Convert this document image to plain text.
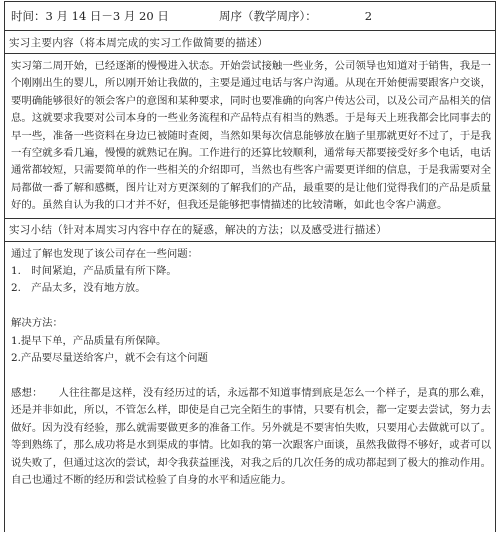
时间：3 月 14 日－3 月 20 日	周序（教学周序）：	2
实习主要内容（将本周完成的实习工作做简要的描述）
实习第二周开始，已经逐渐的慢慢进入状态。开始尝试接触一些业务，公司领导也知道对于销售，我是一个刚刚出生的婴儿，所以刚开始让我做的，主要是通过电话与客户沟通。从现在开始便需要跟客户交谈，要明确能够很好的领会客户的意图和某种要求，同时也要准确的向客户传达公司，以及公司产品相关的信息。这就要求我要对公司本身的一些业务流程和产品特点有相当的熟悉。于是每天上班我都会比同事去的早一些，准备一些资料在身边已被随时查阅，当然如果每次信息能够放在脑子里那就更好不过了，于是我一有空就多看几遍，慢慢的就熟记在胸。工作进行的还算比较顺利，通常每天都要接受好多个电话，电话通常都较短，只需要简单的作一些相关的介绍即可，当然也有些客户需要更详细的信息，于是我需要对全局都做一番了解和感概，图片让对方更深刻的了解我们的产品，最重要的是让他们觉得我们的产品是质量好的。虽然自认为我的口才并不好，但我还是能够把事情描述的比较清晰，如此也令客户满意。
实习小结（针对本周实习内容中存在的疑惑，解决的方法；以及感受进行描述）
通过了解也发现了该公司存在一些问题：
1.　时间紧迫，产品质量有所下降。
2.　产品太多，没有地方放。
解决方法：
1.提早下单，产品质量有所保障。
2.产品要尽量送给客户，就不会有这个问题
感想：　　 人往往都是这样，没有经历过的话，永远都不知道事情到底是怎么一个样子，是真的那么难，还是并非如此，所以，不管怎么样，即使是自己完全陌生的事情，只要有机会，都一定要去尝试，努力去做好。因为没有经验，那么就需要做更多的准备工作。另外就是不要害怕失败，只要用心去做就可以了。等到熟练了，那么成功将是水到渠成的事情。比如我的第一次跟客户面谈，虽然我做得不够好，或者可以说失败了，但通过这次的尝试，却令我获益匪浅，对我之后的几次任务的成功都起到了极大的推动作用。自己也通过不断的经历和尝试检验了自身的水平和适应能力。
